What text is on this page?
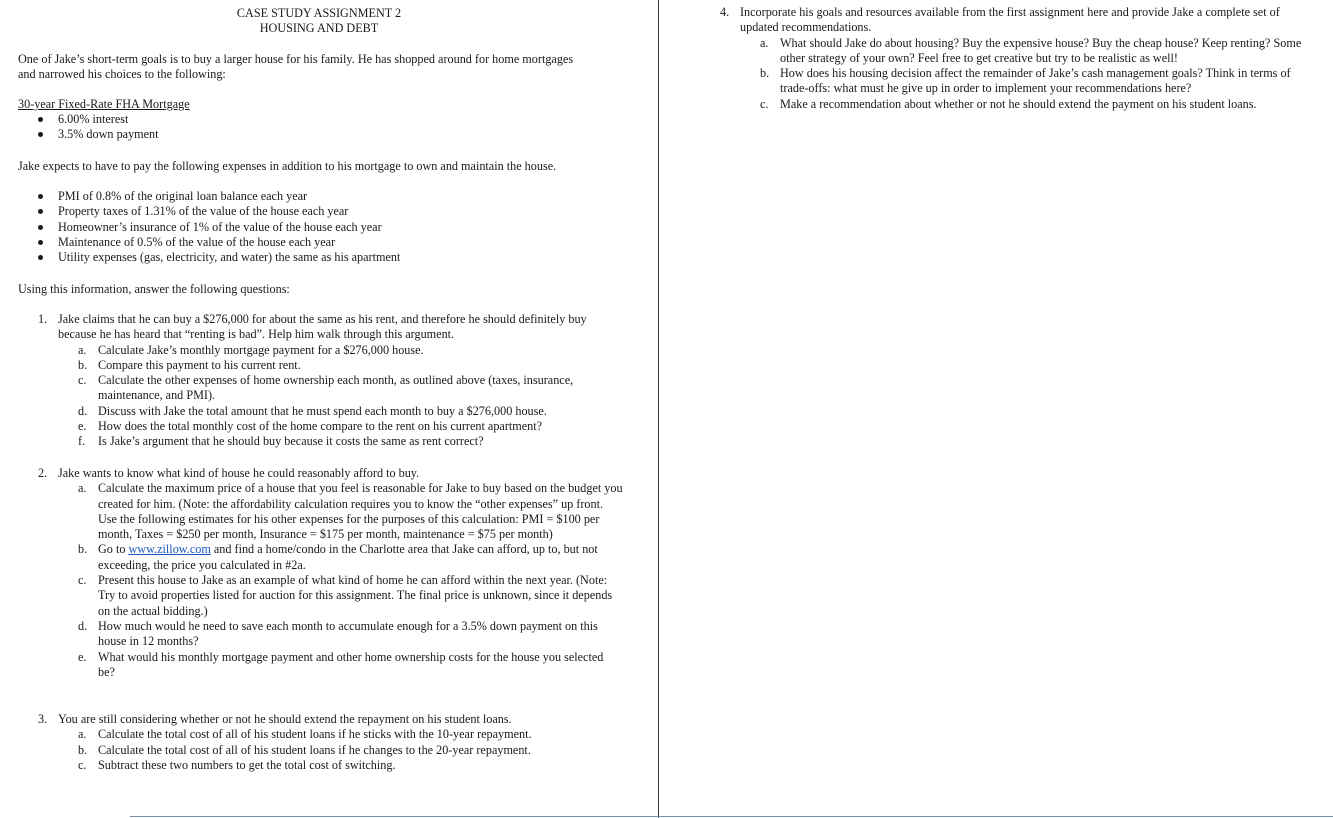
CASE STUDY ASSIGNMENT 2
HOUSING AND DEBT
One of Jake’s short-term goals is to buy a larger house for his family. He has shopped around for home mortgages and narrowed his choices to the following:
30-year Fixed-Rate FHA Mortgage
6.00% interest
3.5% down payment
Jake expects to have to pay the following expenses in addition to his mortgage to own and maintain the house.
PMI of 0.8% of the original loan balance each year
Property taxes of 1.31% of the value of the house each year
Homeowner’s insurance of 1% of the value of the house each year
Maintenance of 0.5% of the value of the house each year
Utility expenses (gas, electricity, and water) the same as his apartment
Using this information, answer the following questions:
1. Jake claims that he can buy a $276,000 for about the same as his rent, and therefore he should definitely buy because he has heard that “renting is bad”. Help him walk through this argument.
a. Calculate Jake’s monthly mortgage payment for a $276,000 house.
b. Compare this payment to his current rent.
c. Calculate the other expenses of home ownership each month, as outlined above (taxes, insurance, maintenance, and PMI).
d. Discuss with Jake the total amount that he must spend each month to buy a $276,000 house.
e. How does the total monthly cost of the home compare to the rent on his current apartment?
f. Is Jake’s argument that he should buy because it costs the same as rent correct?
2. Jake wants to know what kind of house he could reasonably afford to buy.
a. Calculate the maximum price of a house that you feel is reasonable for Jake to buy based on the budget you created for him. (Note: the affordability calculation requires you to know the “other expenses” up front. Use the following estimates for his other expenses for the purposes of this calculation: PMI = $100 per month, Taxes = $250 per month, Insurance = $175 per month, maintenance = $75 per month)
b. Go to www.zillow.com and find a home/condo in the Charlotte area that Jake can afford, up to, but not exceeding, the price you calculated in #2a.
c. Present this house to Jake as an example of what kind of home he can afford within the next year. (Note: Try to avoid properties listed for auction for this assignment. The final price is unknown, since it depends on the actual bidding.)
d. How much would he need to save each month to accumulate enough for a 3.5% down payment on this house in 12 months?
e. What would his monthly mortgage payment and other home ownership costs for the house you selected be?
3. You are still considering whether or not he should extend the repayment on his student loans.
a. Calculate the total cost of all of his student loans if he sticks with the 10-year repayment.
b. Calculate the total cost of all of his student loans if he changes to the 20-year repayment.
c. Subtract these two numbers to get the total cost of switching.
4. Incorporate his goals and resources available from the first assignment here and provide Jake a complete set of updated recommendations.
a. What should Jake do about housing? Buy the expensive house? Buy the cheap house? Keep renting? Some other strategy of your own? Feel free to get creative but try to be realistic as well!
b. How does his housing decision affect the remainder of Jake’s cash management goals? Think in terms of trade-offs: what must he give up in order to implement your recommendations here?
c. Make a recommendation about whether or not he should extend the payment on his student loans.
